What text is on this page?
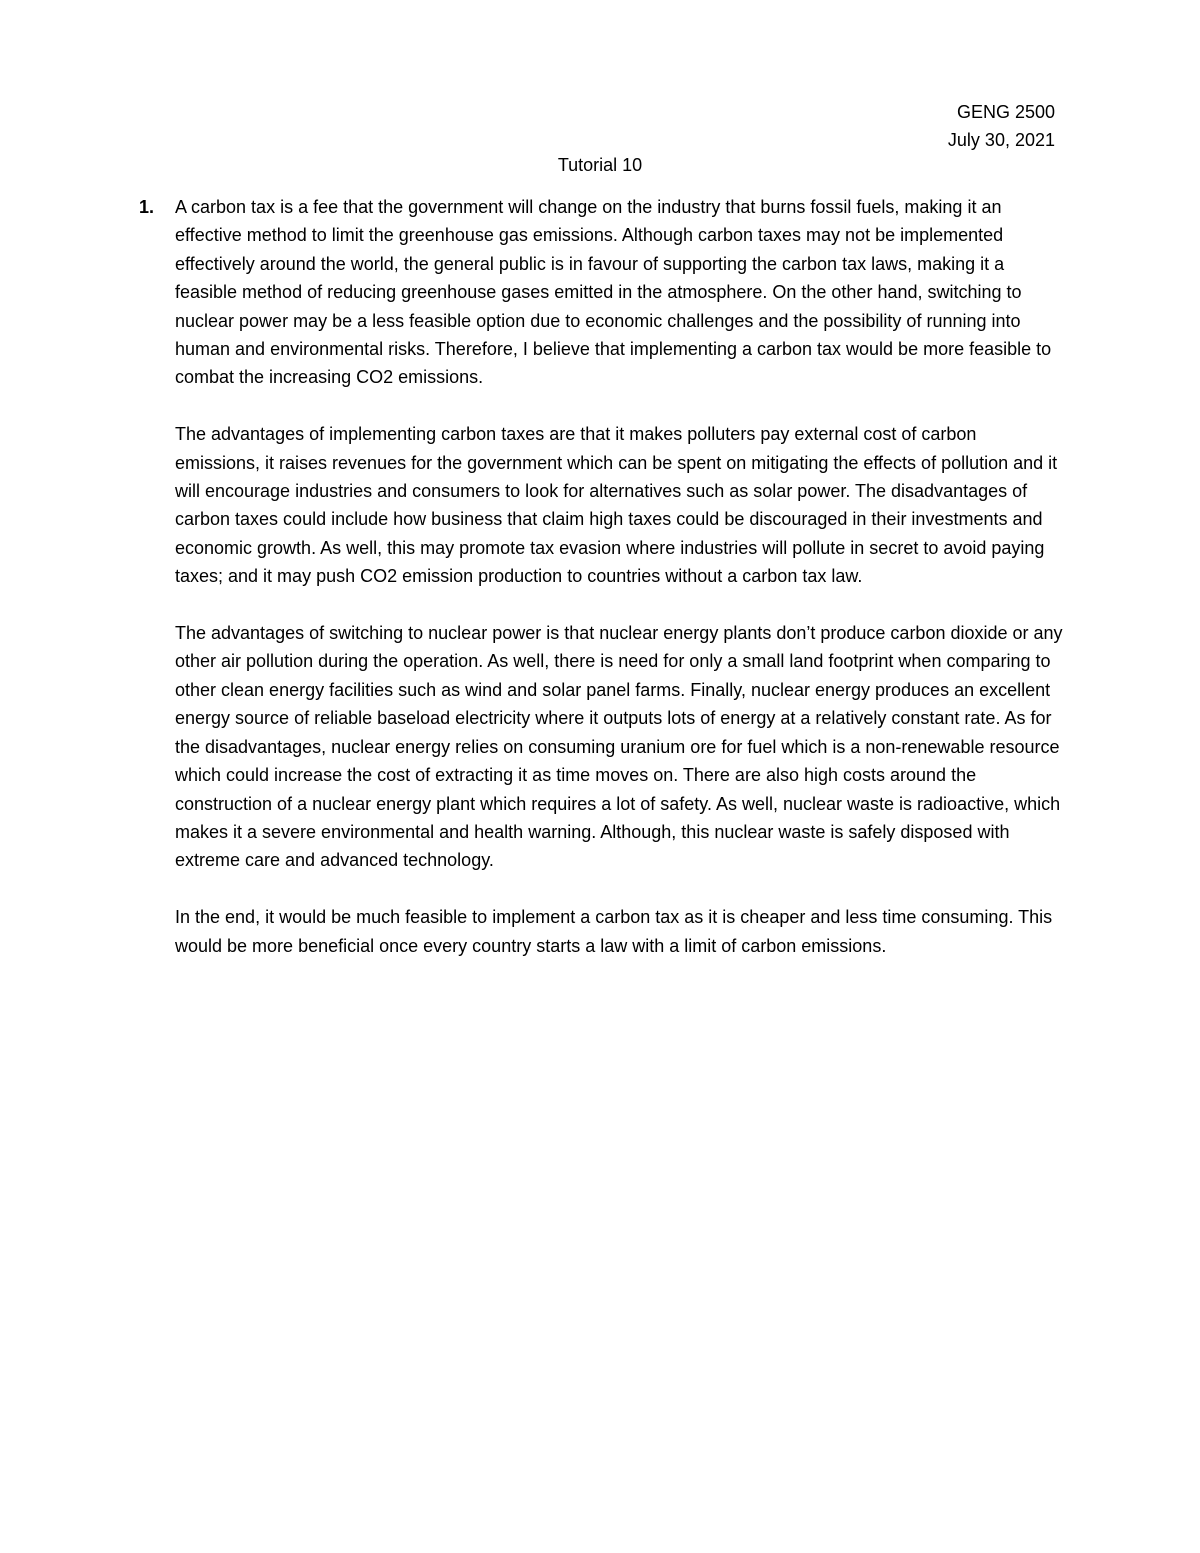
GENG 2500
July 30, 2021
Tutorial 10
1. A carbon tax is a fee that the government will change on the industry that burns fossil fuels, making it an effective method to limit the greenhouse gas emissions. Although carbon taxes may not be implemented effectively around the world, the general public is in favour of supporting the carbon tax laws, making it a feasible method of reducing greenhouse gases emitted in the atmosphere. On the other hand, switching to nuclear power may be a less feasible option due to economic challenges and the possibility of running into human and environmental risks. Therefore, I believe that implementing a carbon tax would be more feasible to combat the increasing CO2 emissions.

The advantages of implementing carbon taxes are that it makes polluters pay external cost of carbon emissions, it raises revenues for the government which can be spent on mitigating the effects of pollution and it will encourage industries and consumers to look for alternatives such as solar power. The disadvantages of carbon taxes could include how business that claim high taxes could be discouraged in their investments and economic growth. As well, this may promote tax evasion where industries will pollute in secret to avoid paying taxes; and it may push CO2 emission production to countries without a carbon tax law.

The advantages of switching to nuclear power is that nuclear energy plants don’t produce carbon dioxide or any other air pollution during the operation. As well, there is need for only a small land footprint when comparing to other clean energy facilities such as wind and solar panel farms. Finally, nuclear energy produces an excellent energy source of reliable baseload electricity where it outputs lots of energy at a relatively constant rate. As for the disadvantages, nuclear energy relies on consuming uranium ore for fuel which is a non-renewable resource which could increase the cost of extracting it as time moves on. There are also high costs around the construction of a nuclear energy plant which requires a lot of safety. As well, nuclear waste is radioactive, which makes it a severe environmental and health warning. Although, this nuclear waste is safely disposed with extreme care and advanced technology.

In the end, it would be much feasible to implement a carbon tax as it is cheaper and less time consuming. This would be more beneficial once every country starts a law with a limit of carbon emissions.
